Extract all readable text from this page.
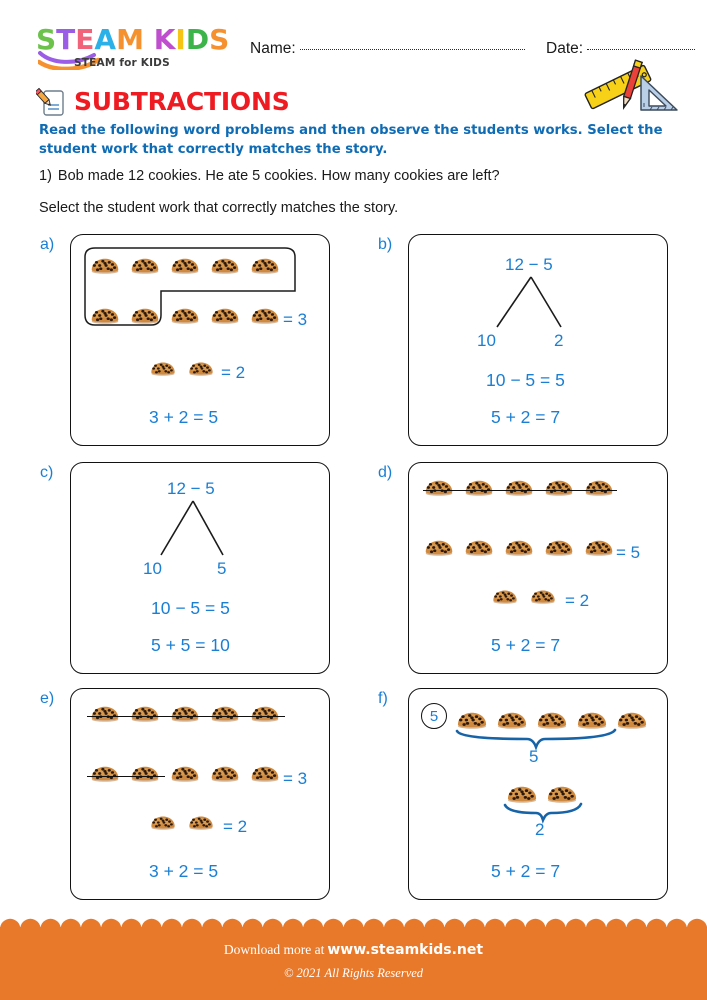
STEAM KIDS
STEAM for KIDS
Name:	Date:
SUBTRACTIONS
Read the following word problems and then observe the students works. Select the student work that correctly matches the story.
1) Bob made 12 cookies. He ate 5 cookies. How many cookies are left?
Select the student work that correctly matches the story.
a)	b)
c)	d)
e)	f)
= 3
= 2
3 + 2 = 5
12 − 5
10	2
10 − 5 = 5
5 + 2 = 7
12 − 5
10	5
10 − 5 = 5
5 + 5 = 10
= 5
= 2
5 + 2 = 7
= 3
= 2
3 + 2 = 5
5
5
2
5 + 2 = 7
Download more at www.steamkids.net
© 2021 All Rights Reserved
